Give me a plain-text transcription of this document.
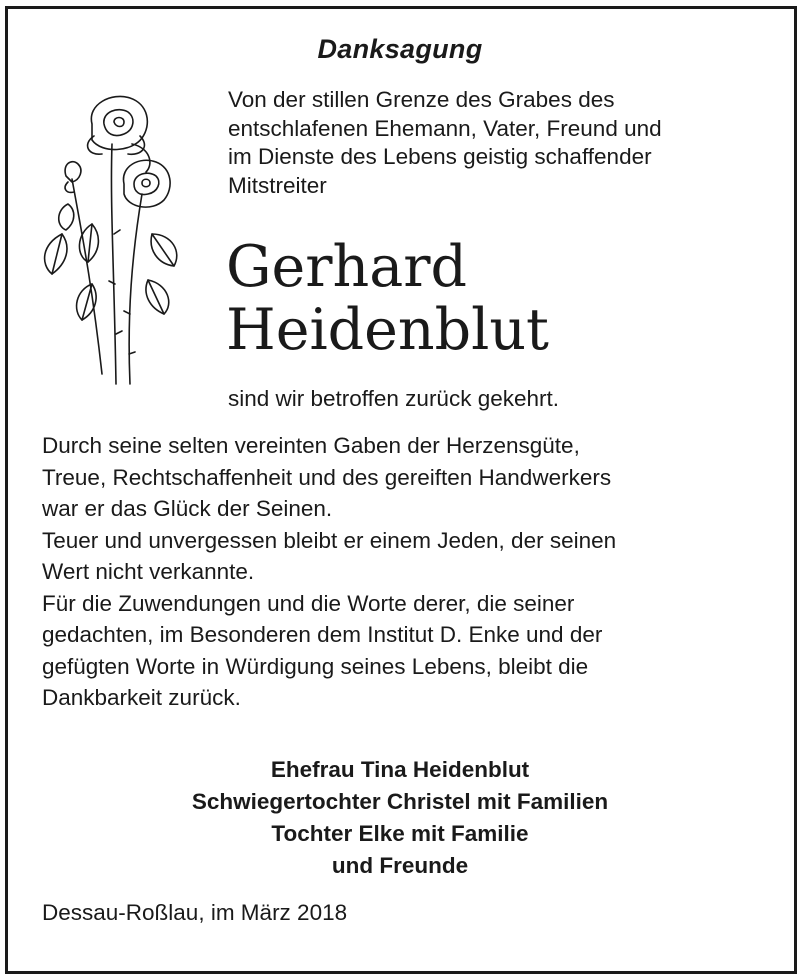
Danksagung
Von der stillen Grenze des Grabes des
entschlafenen Ehemann, Vater, Freund und
im Dienste des Lebens geistig schaffender
Mitstreiter
Gerhard
Heidenblut
sind wir betroffen zurück gekehrt.
Durch seine selten vereinten Gaben der Herzensgüte,
Treue, Rechtschaffenheit und des gereiften Handwerkers
war er das Glück der Seinen.
Teuer und unvergessen bleibt er einem Jeden, der seinen
Wert nicht verkannte.
Für die Zuwendungen und die Worte derer, die seiner
gedachten, im Besonderen dem Institut D. Enke und der
gefügten Worte in Würdigung seines Lebens, bleibt die
Dankbarkeit zurück.
Ehefrau Tina Heidenblut
Schwiegertochter Christel mit Familien
Tochter Elke mit Familie
und Freunde
Dessau-Roßlau, im März 2018
